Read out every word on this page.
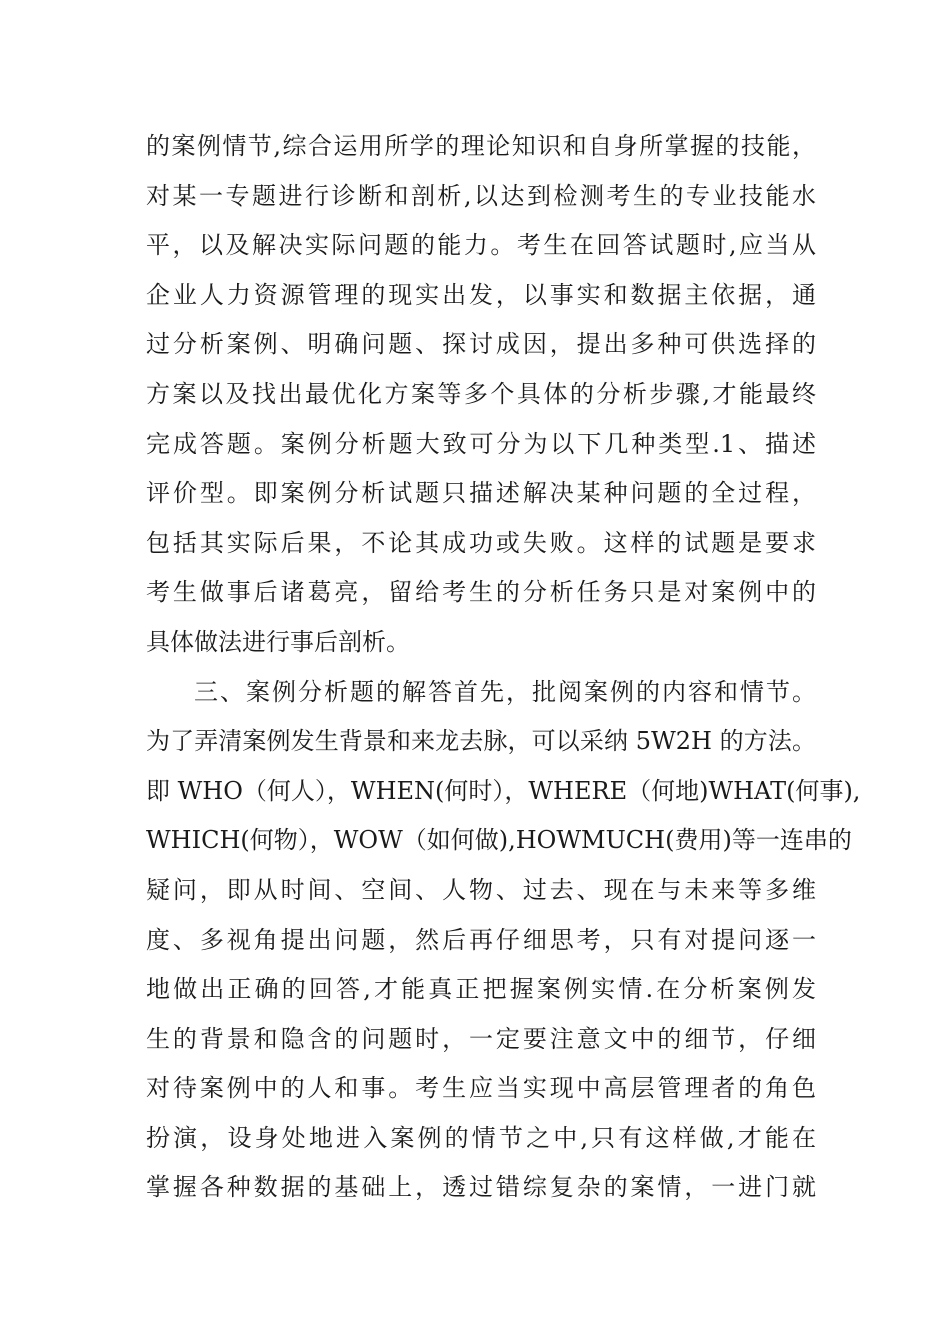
的案例情节,综合运用所学的理论知识和自身所掌握的技能，
对某一专题进行诊断和剖析,以达到检测考生的专业技能水
平，以及解决实际问题的能力。考生在回答试题时,应当从
企业人力资源管理的现实出发，以事实和数据主依据，通
过分析案例、明确问题、探讨成因，提出多种可供选择的
方案以及找出最优化方案等多个具体的分析步骤,才能最终
完成答题。案例分析题大致可分为以下几种类型.1、描述
评价型。即案例分析试题只描述解决某种问题的全过程，
包括其实际后果，不论其成功或失败。这样的试题是要求
考生做事后诸葛亮，留给考生的分析任务只是对案例中的
具体做法进行事后剖析。
三、案例分析题的解答首先，批阅案例的内容和情节。
为了弄清案例发生背景和来龙去脉，可以采纳 5W2H 的方法。
即 WHO（何人），WHEN(何时），WHERE（何地)WHAT(何事),
WHICH(何物），WOW（如何做),HOWMUCH(费用)等一连串的
疑问，即从时间、空间、人物、过去、现在与未来等多维
度、多视角提出问题，然后再仔细思考，只有对提问逐一
地做出正确的回答,才能真正把握案例实情.在分析案例发
生的背景和隐含的问题时，一定要注意文中的细节，仔细
对待案例中的人和事。考生应当实现中高层管理者的角色
扮演，设身处地进入案例的情节之中,只有这样做,才能在
掌握各种数据的基础上，透过错综复杂的案情，一进门就
